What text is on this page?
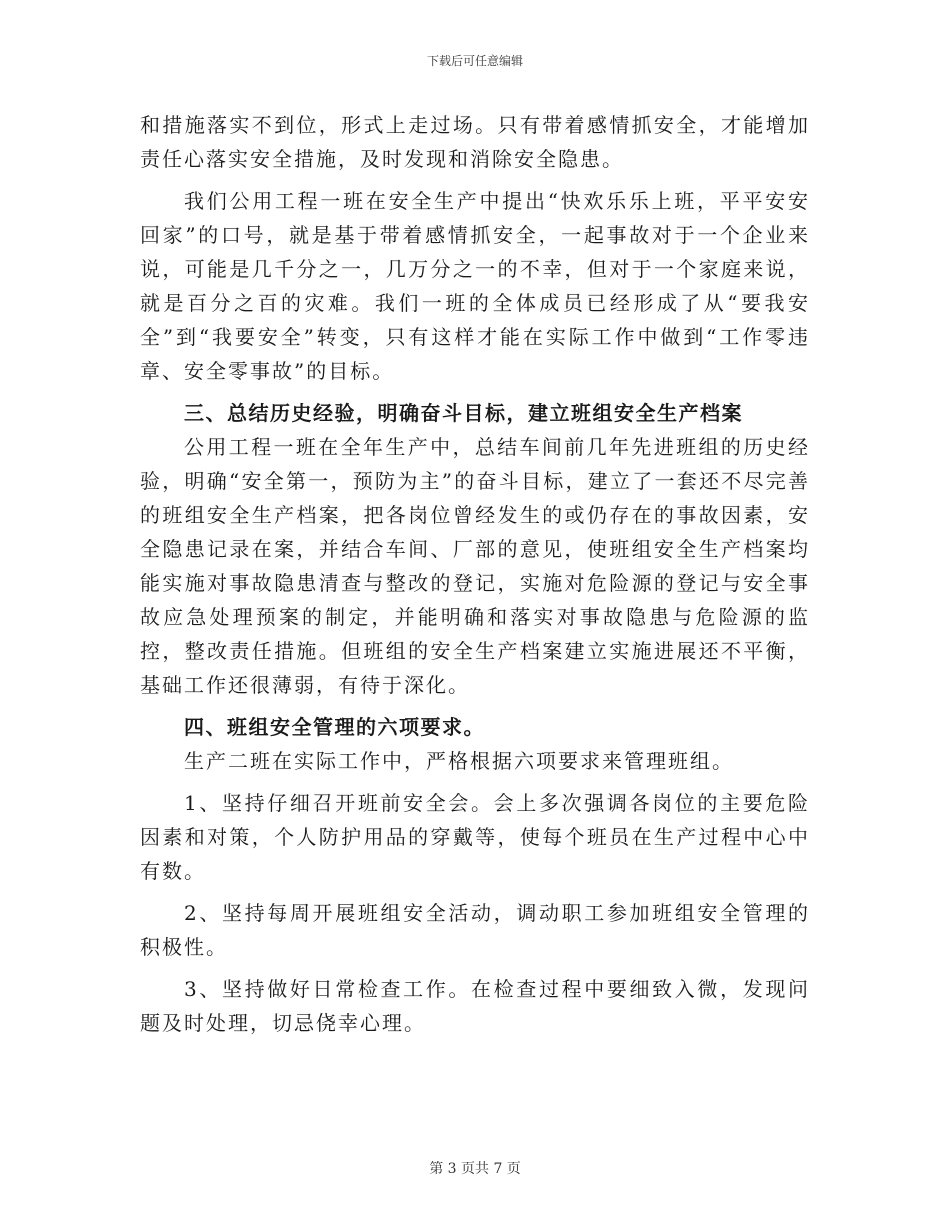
下载后可任意编辑

和措施落实不到位，形式上走过场。只有带着感情抓安全，才能增加责任心落实安全措施，及时发现和消除安全隐患。

我们公用工程一班在安全生产中提出“快欢乐乐上班，平平安安回家”的口号，就是基于带着感情抓安全，一起事故对于一个企业来说，可能是几千分之一，几万分之一的不幸，但对于一个家庭来说，就是百分之百的灾难。我们一班的全体成员已经形成了从“要我安全”到“我要安全”转变，只有这样才能在实际工作中做到“工作零违章、安全零事故”的目标。

三、总结历史经验，明确奋斗目标，建立班组安全生产档案

公用工程一班在全年生产中，总结车间前几年先进班组的历史经验，明确“安全第一，预防为主”的奋斗目标，建立了一套还不尽完善的班组安全生产档案，把各岗位曾经发生的或仍存在的事故因素，安全隐患记录在案，并结合车间、厂部的意见，使班组安全生产档案均能实施对事故隐患清查与整改的登记，实施对危险源的登记与安全事故应急处理预案的制定，并能明确和落实对事故隐患与危险源的监控，整改责任措施。但班组的安全生产档案建立实施进展还不平衡，基础工作还很薄弱，有待于深化。

四、班组安全管理的六项要求。

生产二班在实际工作中，严格根据六项要求来管理班组。

1、坚持仔细召开班前安全会。会上多次强调各岗位的主要危险因素和对策，个人防护用品的穿戴等，使每个班员在生产过程中心中有数。

2、坚持每周开展班组安全活动，调动职工参加班组安全管理的积极性。

3、坚持做好日常检查工作。在检查过程中要细致入微，发现问题及时处理，切忌侥幸心理。

第 3 页共 7 页
